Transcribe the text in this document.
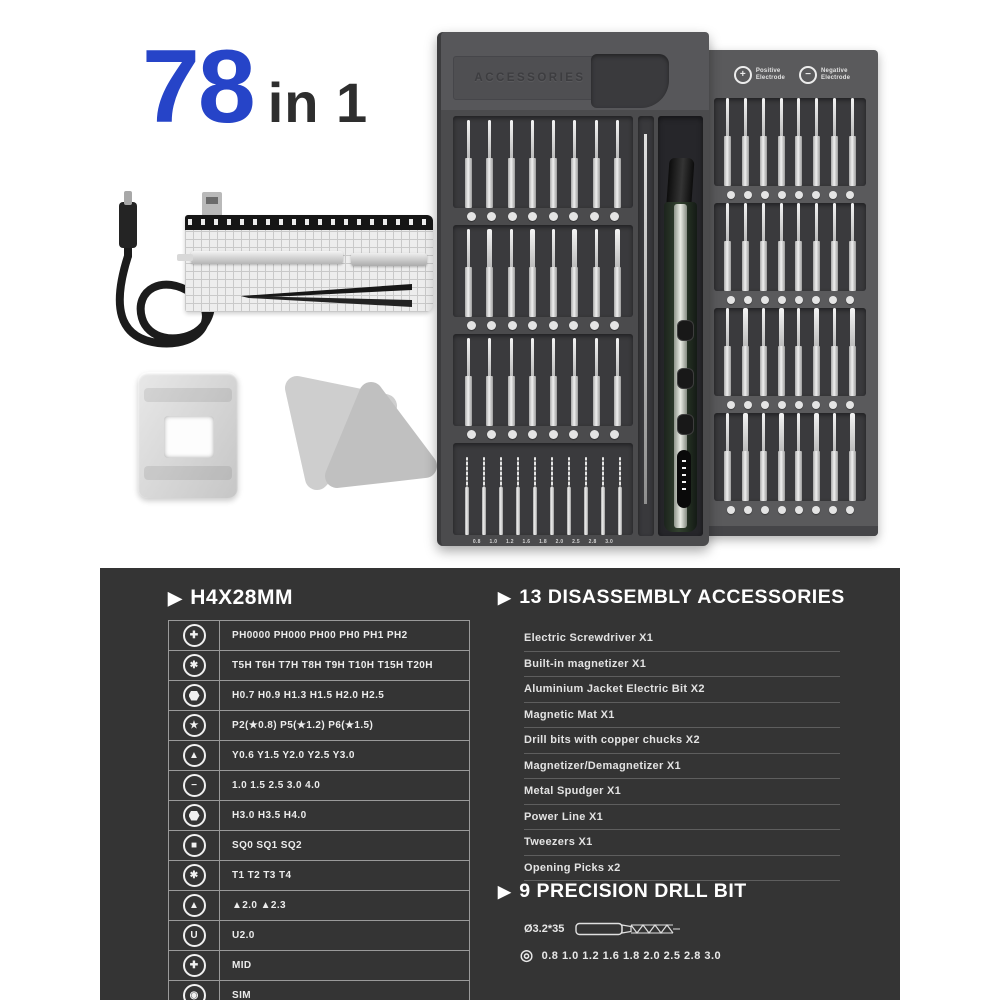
78 in 1	+	Positive
Electrode	−	Negative
Electrode
ACCESSORIES
0.8 1.0 1.2 1.6 1.8 2.0 2.5 2.8 3.0
▶ H4X28MM
✚	PH0000 PH000 PH00 PH0 PH1 PH2
✱	T5H T6H T7H T8H T9H T10H T15H T20H
H0.7 H0.9 H1.3 H1.5 H2.0 H2.5
★	P2(★0.8) P5(★1.2) P6(★1.5)
▲	Y0.6 Y1.5 Y2.0 Y2.5 Y3.0
−	1.0 1.5 2.5 3.0 4.0
H3.0 H3.5 H4.0
■	SQ0 SQ1 SQ2
✱	T1 T2 T3 T4
▲	▲2.0 ▲2.3
U	U2.0
✚	MID
◉	SIM
▶ 13 DISASSEMBLY ACCESSORIES
Electric Screwdriver X1
Built-in magnetizer X1
Aluminium Jacket Electric Bit X2
Magnetic Mat X1
Drill bits with copper chucks X2
Magnetizer/Demagnetizer X1
Metal Spudger X1
Power Line X1
Tweezers X1
Opening Picks x2
▶ 9 PRECISION DRLL BIT
Ø3.2*35
◎ 0.8 1.0 1.2 1.6 1.8 2.0 2.5 2.8 3.0
